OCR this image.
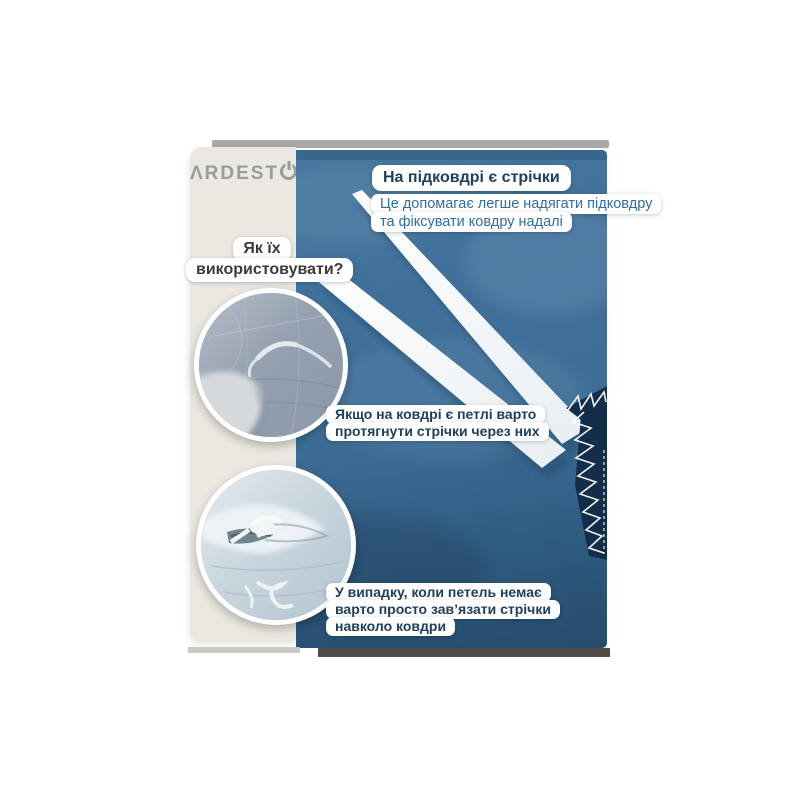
ΛRDEST	На підковдрі є стрічки
Це допомагає легше надягати підковдру
та фіксувати ковдру надалі
Як їх
використовувати?
Якщо на ковдрі є петлі варто
протягнути стрічки через них
У випадку, коли петель немає
варто просто зав’язати стрічки
навколо ковдри
